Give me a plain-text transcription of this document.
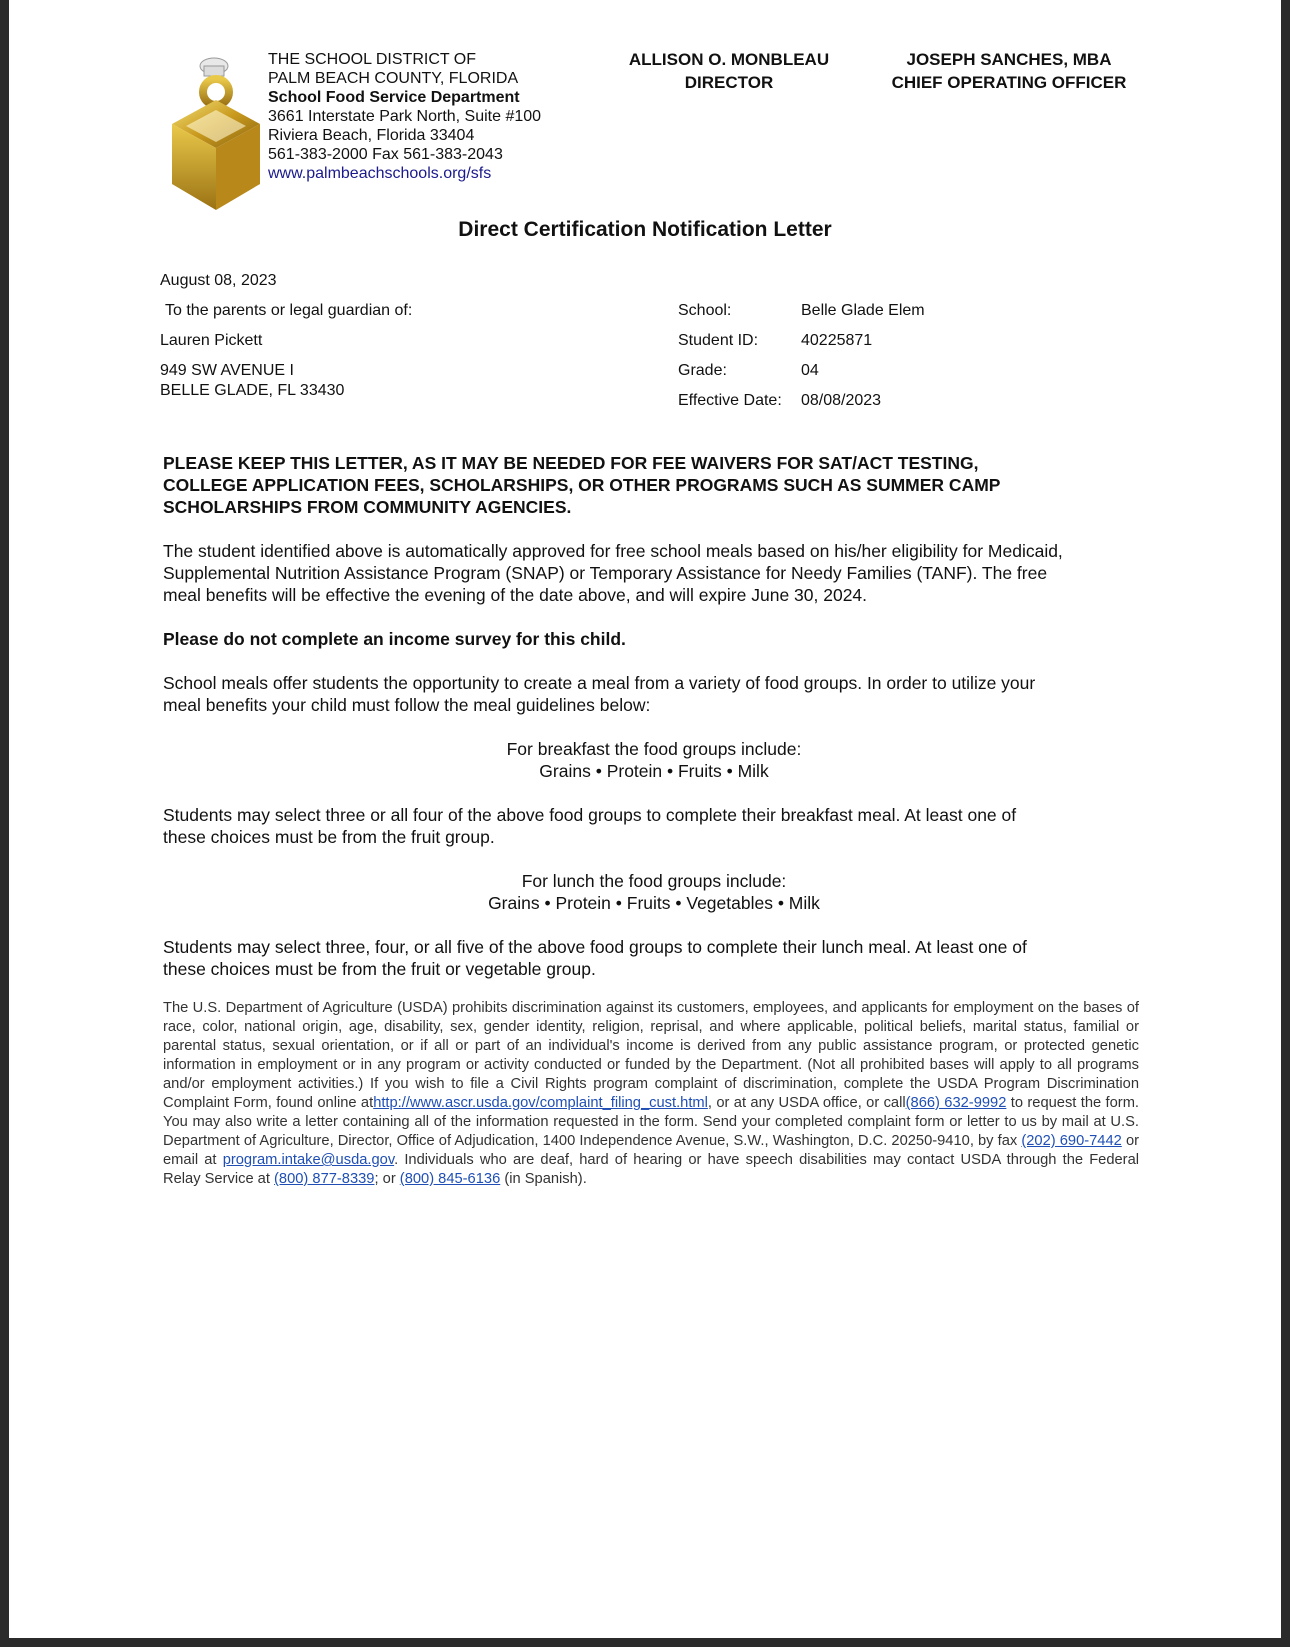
THE SCHOOL DISTRICT OF
PALM BEACH COUNTY, FLORIDA
School Food Service Department
3661 Interstate Park North, Suite #100
Riviera Beach, Florida 33404
561-383-2000 Fax 561-383-2043
www.palmbeachschools.org/sfs
ALLISON O. MONBLEAU
DIRECTOR
JOSEPH SANCHES, MBA
CHIEF OPERATING OFFICER
Direct Certification Notification Letter
August 08, 2023
To the parents or legal guardian of:
Lauren Pickett
949 SW AVENUE I
BELLE GLADE, FL 33430
School:	Belle Glade Elem
Student ID:	40225871
Grade:	04
Effective Date: 08/08/2023
PLEASE KEEP THIS LETTER, AS IT MAY BE NEEDED FOR FEE WAIVERS FOR SAT/ACT TESTING,
COLLEGE APPLICATION FEES, SCHOLARSHIPS, OR OTHER PROGRAMS SUCH AS SUMMER CAMP
SCHOLARSHIPS FROM COMMUNITY AGENCIES.
The student identified above is automatically approved for free school meals based on his/her eligibility for Medicaid,
Supplemental Nutrition Assistance Program (SNAP) or Temporary Assistance for Needy Families (TANF). The free
meal benefits will be effective the evening of the date above, and will expire June 30, 2024.
Please do not complete an income survey for this child.
School meals offer students the opportunity to create a meal from a variety of food groups. In order to utilize your
meal benefits your child must follow the meal guidelines below:
For breakfast the food groups include:
Grains • Protein • Fruits • Milk
Students may select three or all four of the above food groups to complete their breakfast meal. At least one of
these choices must be from the fruit group.
For lunch the food groups include:
Grains • Protein • Fruits • Vegetables • Milk
Students may select three, four, or all five of the above food groups to complete their lunch meal. At least one of
these choices must be from the fruit or vegetable group.
The U.S. Department of Agriculture (USDA) prohibits discrimination against its customers, employees, and applicants for employment on the bases of race, color, national origin, age, disability, sex, gender identity, religion, reprisal, and where applicable, political beliefs, marital status, familial or parental status, sexual orientation, or if all or part of an individual's income is derived from any public assistance program, or protected genetic information in employment or in any program or activity conducted or funded by the Department. (Not all prohibited bases will apply to all programs and/or employment activities.) If you wish to file a Civil Rights program complaint of discrimination, complete the USDA Program Discrimination Complaint Form, found online athttp://www.ascr.usda.gov/complaint_filing_cust.html, or at any USDA office, or call(866) 632-9992 to request the form. You may also write a letter containing all of the information requested in the form. Send your completed complaint form or letter to us by mail at U.S. Department of Agriculture, Director, Office of Adjudication, 1400 Independence Avenue, S.W., Washington, D.C. 20250-9410, by fax (202) 690-7442 or email at program.intake@usda.gov. Individuals who are deaf, hard of hearing or have speech disabilities may contact USDA through the Federal Relay Service at (800) 877-8339; or (800) 845-6136 (in Spanish).
